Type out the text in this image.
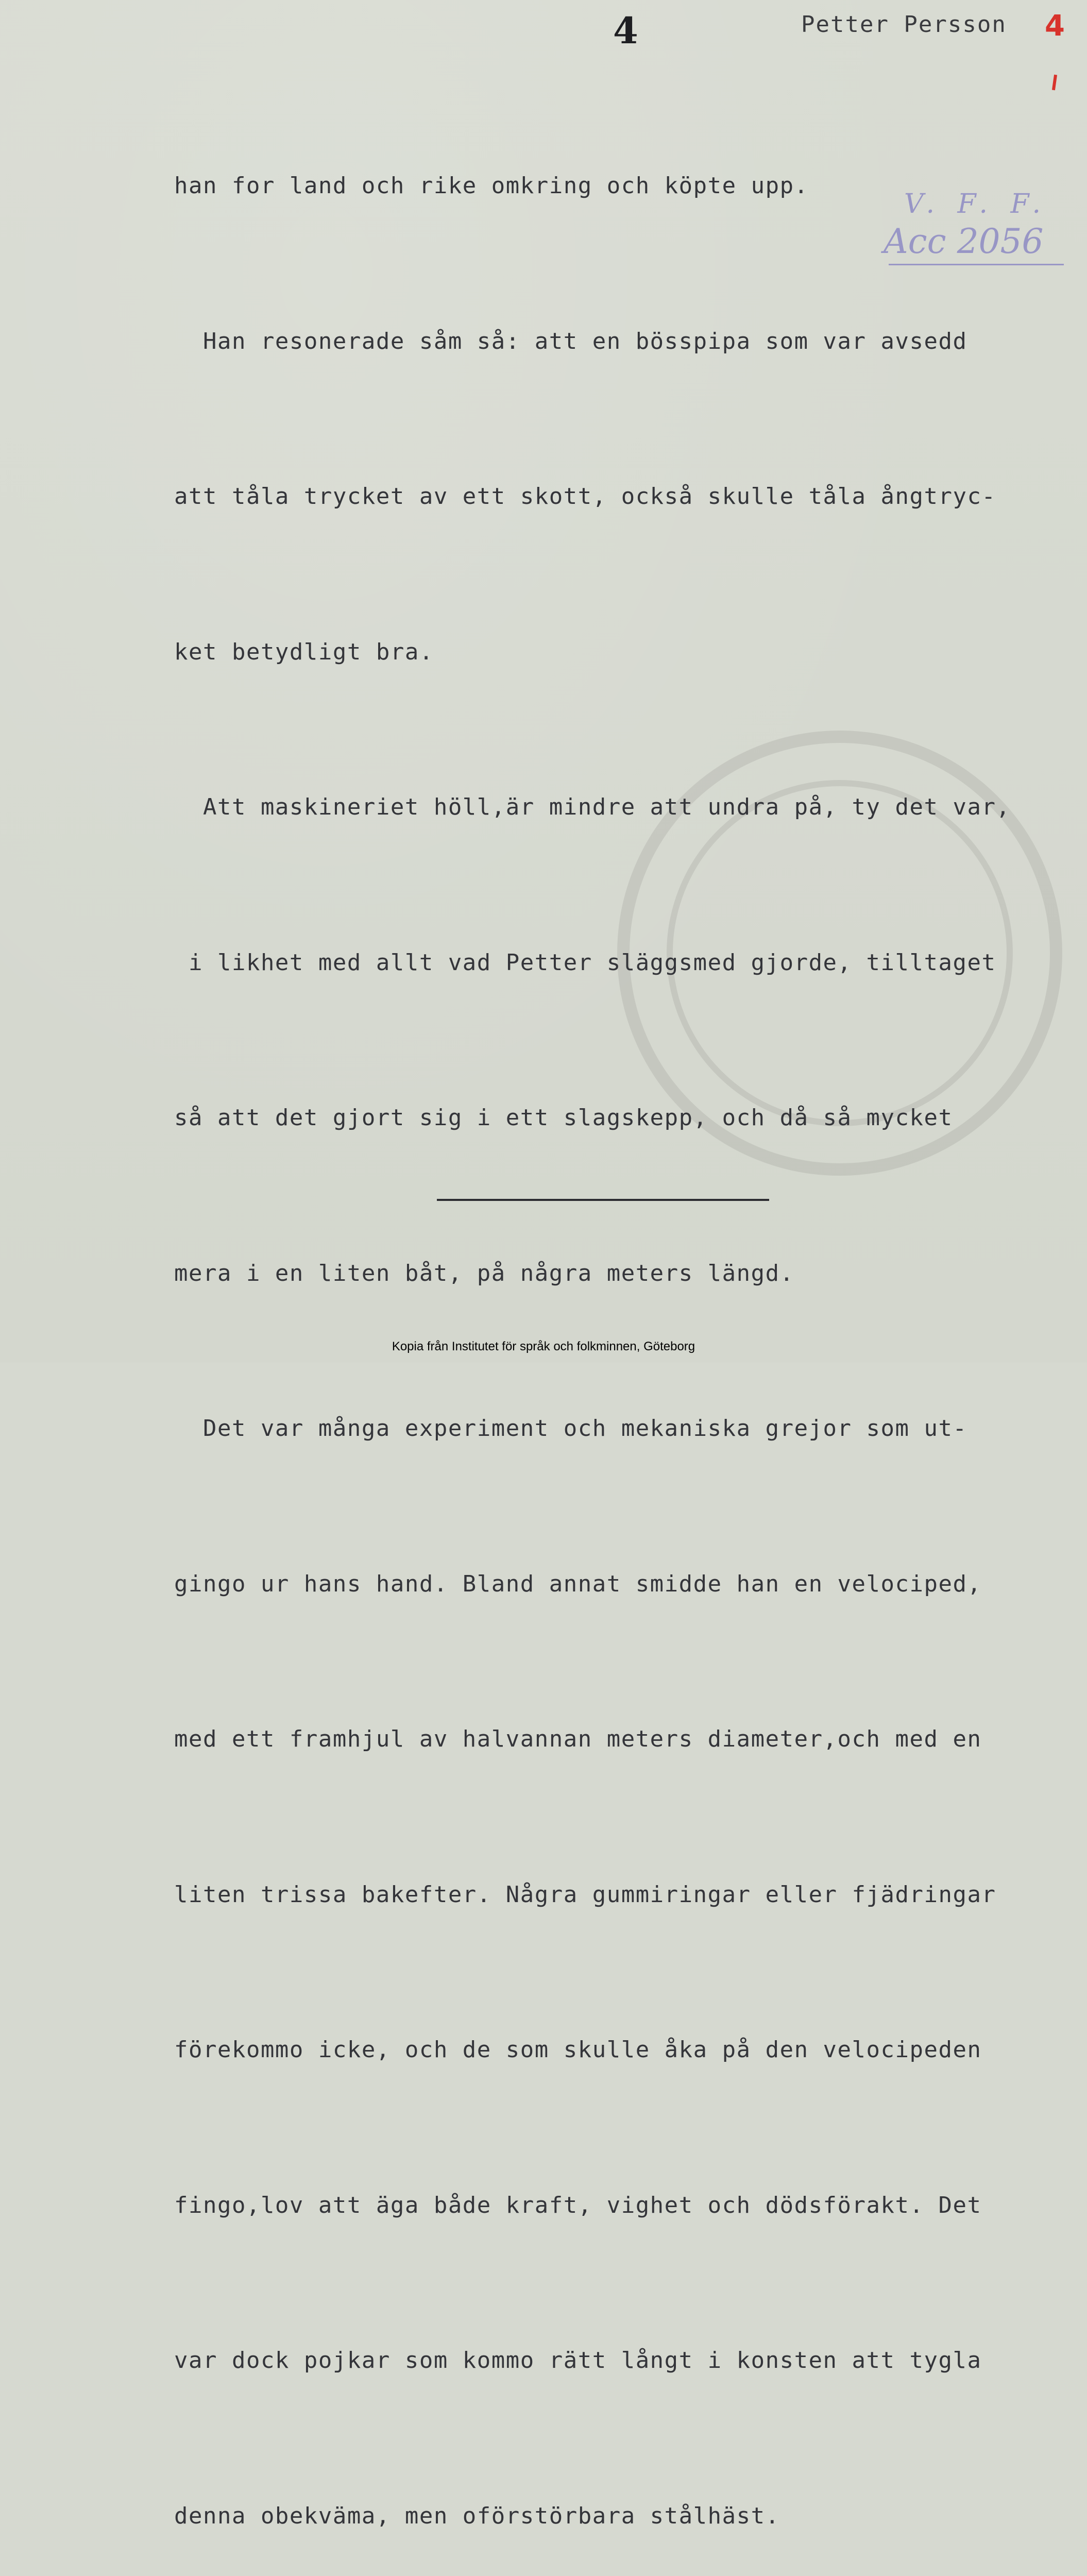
4	Petter Persson 4
V. F. F.
Acc 2056

han for land och rike omkring och köpte upp.

Han resonerade såm så: att en bösspipa som var avsedd

att tåla trycket av ett skott, också skulle tåla ångtryc-

ket betydligt bra.

Att maskineriet höll,är mindre att undra på, ty det var,

i likhet med allt vad Petter släggsmed gjorde, tilltaget

så att det gjort sig i ett slagskepp, och då så mycket

mera i en liten båt, på några meters längd.

Det var många experiment och mekaniska grejor som ut-

gingo ur hans hand. Bland annat smidde han en velociped,

med ett framhjul av halvannan meters diameter,och med en

liten trissa bakefter. Några gummiringar eller fjädringar

förekommo icke, och de som skulle åka på den velocipeden

fingo,lov att äga både kraft, vighet och dödsförakt. Det

var dock pojkar som kommo rätt långt i konsten att tygla

denna obekväma, men oförstörbara stålhäst.

Kopia från Institutet för språk och folkminnen, Göteborg
